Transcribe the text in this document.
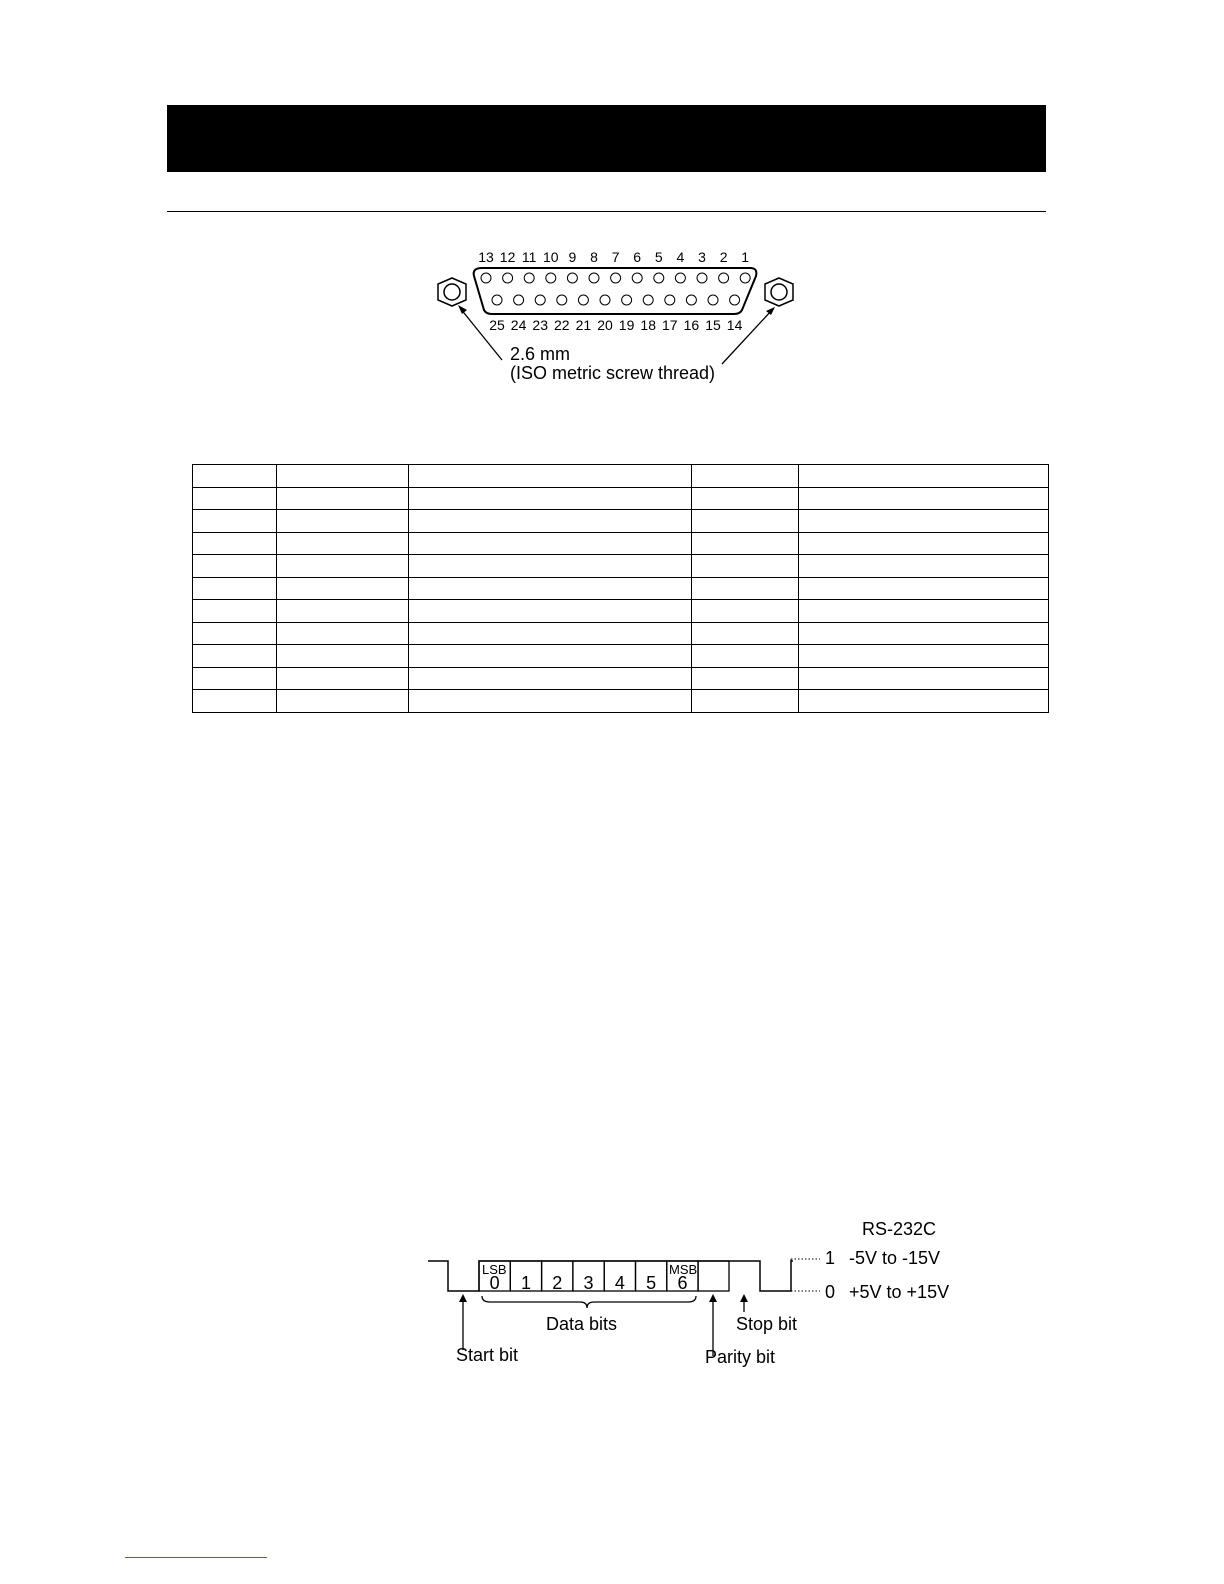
13 12 11 10 9 8 7 6 5 4 3 2 1
25 24 23 22 21 20 19 18 17 16 15 14
2.6 mm
(ISO metric screw thread)

RS-232C
1 -5V to -15V
0 +5V to +15V
0 1 2 3 4 5 6
LSB	MSB
Data bits
Start bit	Parity bit
Stop bit
